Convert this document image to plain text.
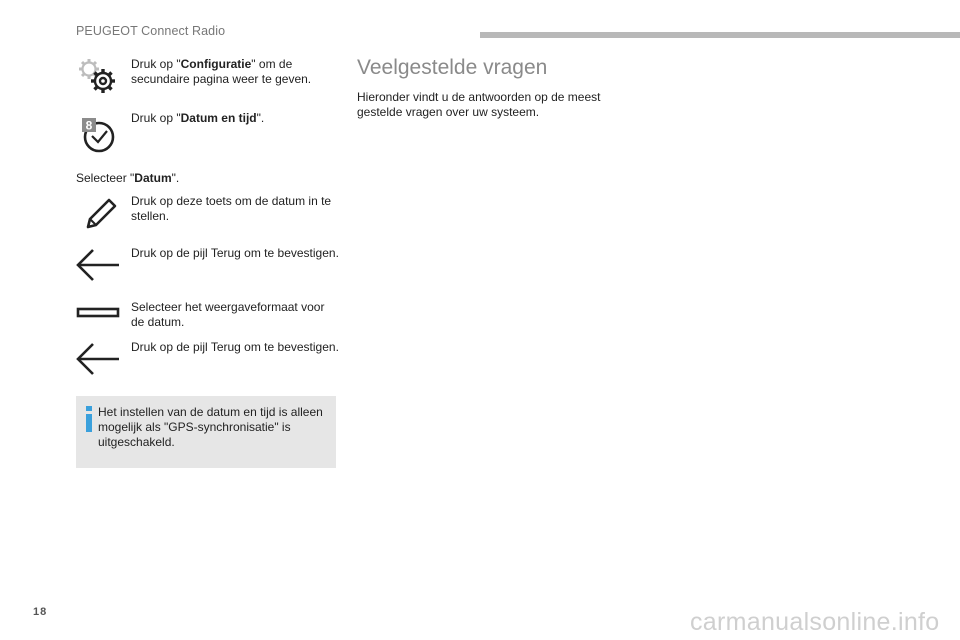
PEUGEOT Connect Radio
Druk op "Configuratie" om de secundaire pagina weer te geven.
8
Druk op "Datum en tijd".
Selecteer "Datum".
Druk op deze toets om de datum in te stellen.
Druk op de pijl Terug om te bevestigen.
Selecteer het weergaveformaat voor de datum.
Druk op de pijl Terug om te bevestigen.
Het instellen van de datum en tijd is alleen mogelijk als "GPS-synchronisatie" is uitgeschakeld.
Veelgestelde vragen
Hieronder vindt u de antwoorden op de meest gestelde vragen over uw systeem.
18	carmanualsonline.info
